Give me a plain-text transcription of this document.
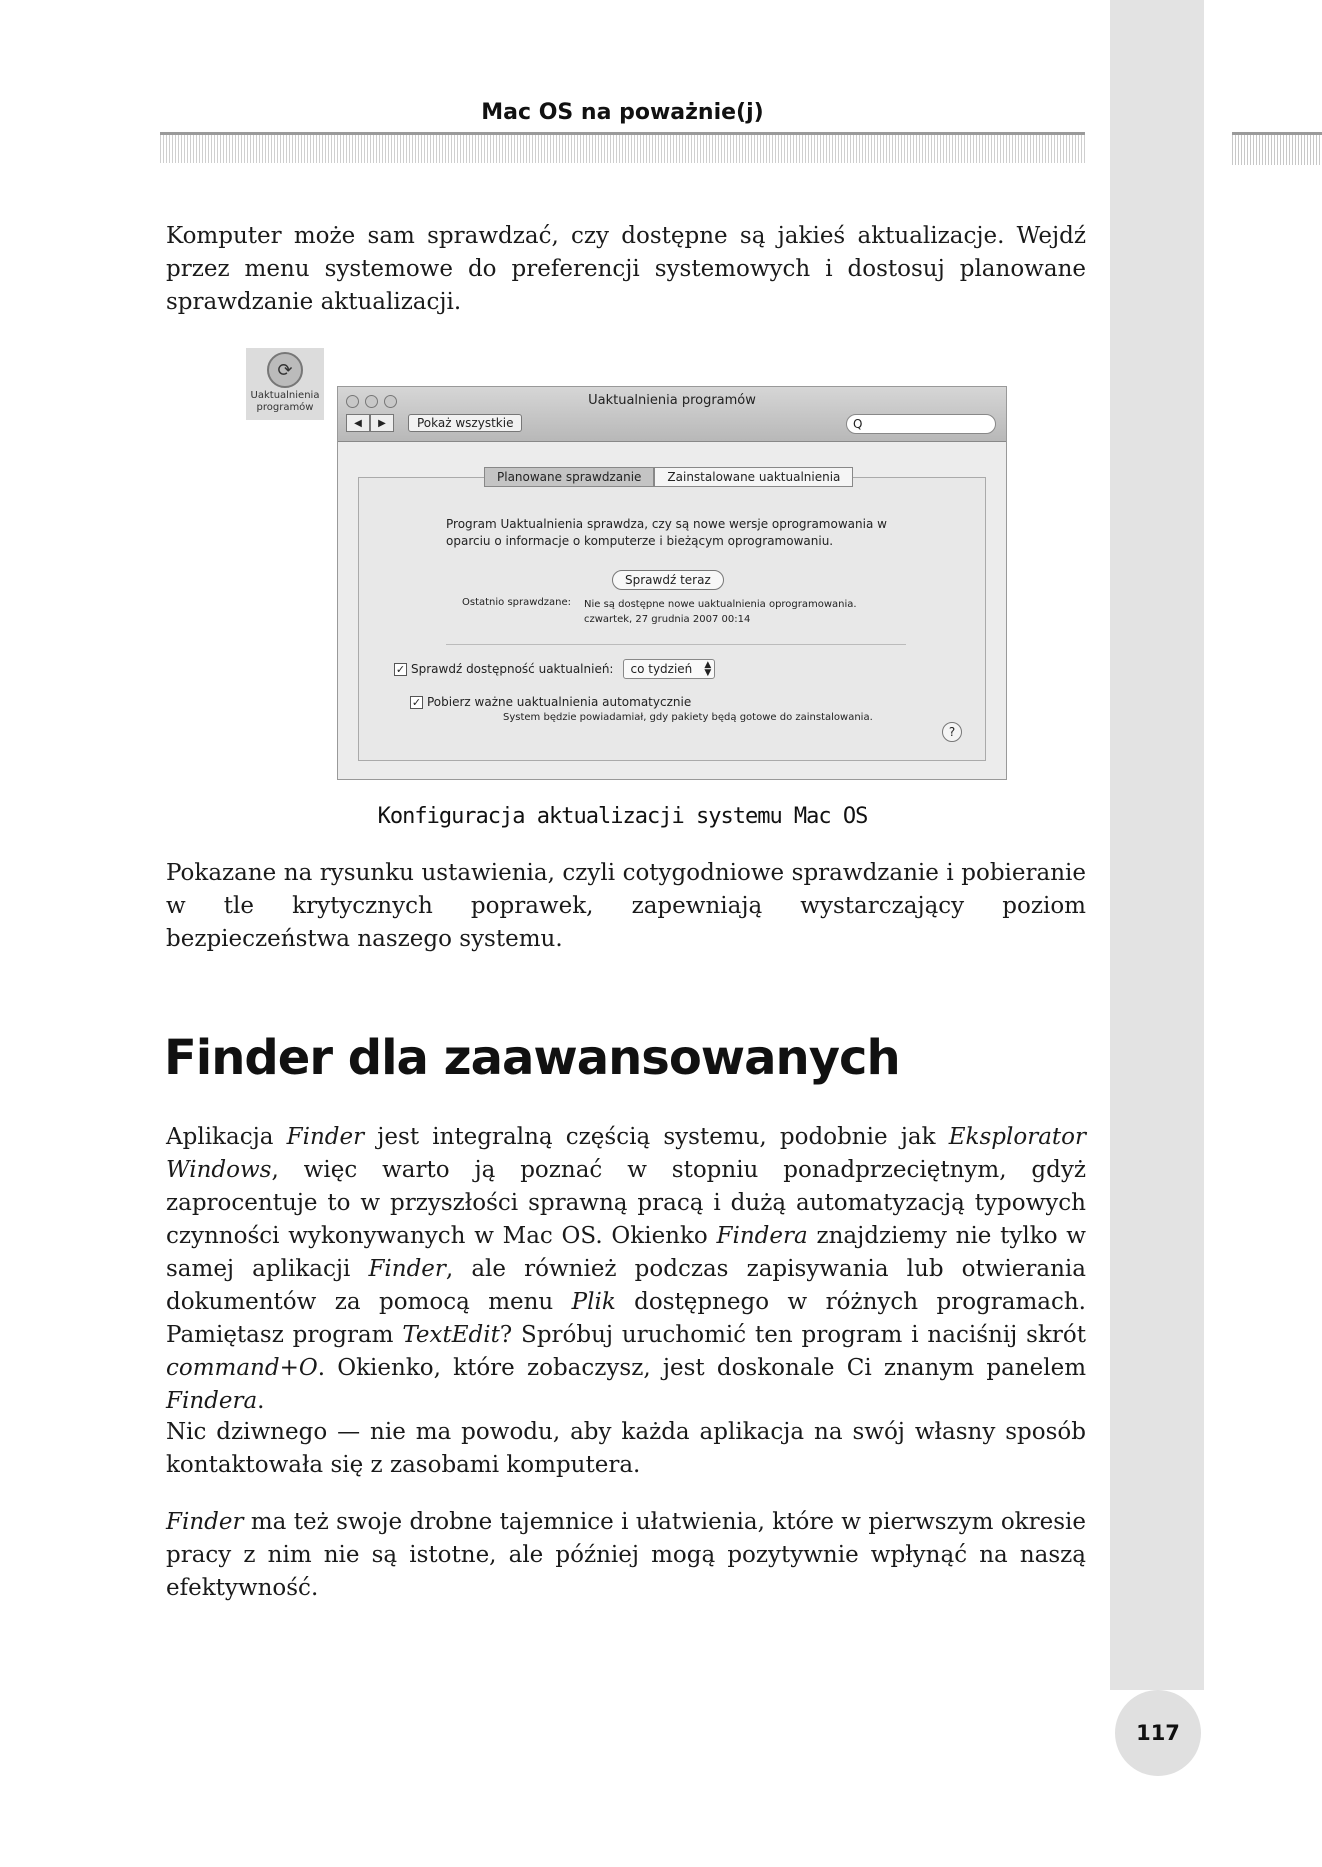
Mac OS na poważnie(j)

Komputer może sam sprawdzać, czy dostępne są jakieś aktualizacje. Wejdź przez menu systemowe do preferencji systemowych i dostosuj planowane sprawdzanie aktualizacji.

⟳
Uaktualnienia
programów	Uaktualnienia programów
◀	▶	Pokaż wszystkie	Q
Planowane sprawdzanie	Zainstalowane uaktualnienia
Program Uaktualnienia sprawdza, czy są nowe wersje oprogramowania w oparciu o informacje o komputerze i bieżącym oprogramowaniu.
Sprawdź teraz
Ostatnio sprawdzane: Nie są dostępne nowe uaktualnienia oprogramowania.
czwartek, 27 grudnia 2007 00:14
✓ Sprawdź dostępność uaktualnień:	co tydzień ▲
▼
✓ Pobierz ważne uaktualnienia automatycznie
System będzie powiadamiał, gdy pakiety będą gotowe do zainstalowania.
?
Konfiguracja aktualizacji systemu Mac OS

Pokazane na rysunku ustawienia, czyli cotygodniowe sprawdzanie i pobieranie w tle krytycznych poprawek, zapewniają wystarczający poziom bezpieczeństwa naszego systemu.

Finder dla zaawansowanych

Aplikacja Finder jest integralną częścią systemu, podobnie jak Eksplorator Windows, więc warto ją poznać w stopniu ponadprzeciętnym, gdyż zaprocentuje to w przyszłości sprawną pracą i dużą automatyzacją typowych czynności wykonywanych w Mac OS. Okienko Findera znajdziemy nie tylko w samej aplikacji Finder, ale również podczas zapisywania lub otwierania dokumentów za pomocą menu Plik dostępnego w różnych programach. Pamiętasz program TextEdit? Spróbuj uruchomić ten program i naciśnij skrót command+O. Okienko, które zobaczysz, jest doskonale Ci znanym panelem Findera.

Nic dziwnego — nie ma powodu, aby każda aplikacja na swój własny sposób kontaktowała się z zasobami komputera.

Finder ma też swoje drobne tajemnice i ułatwienia, które w pierwszym okresie pracy z nim nie są istotne, ale później mogą pozytywnie wpłynąć na naszą efektywność.

117
